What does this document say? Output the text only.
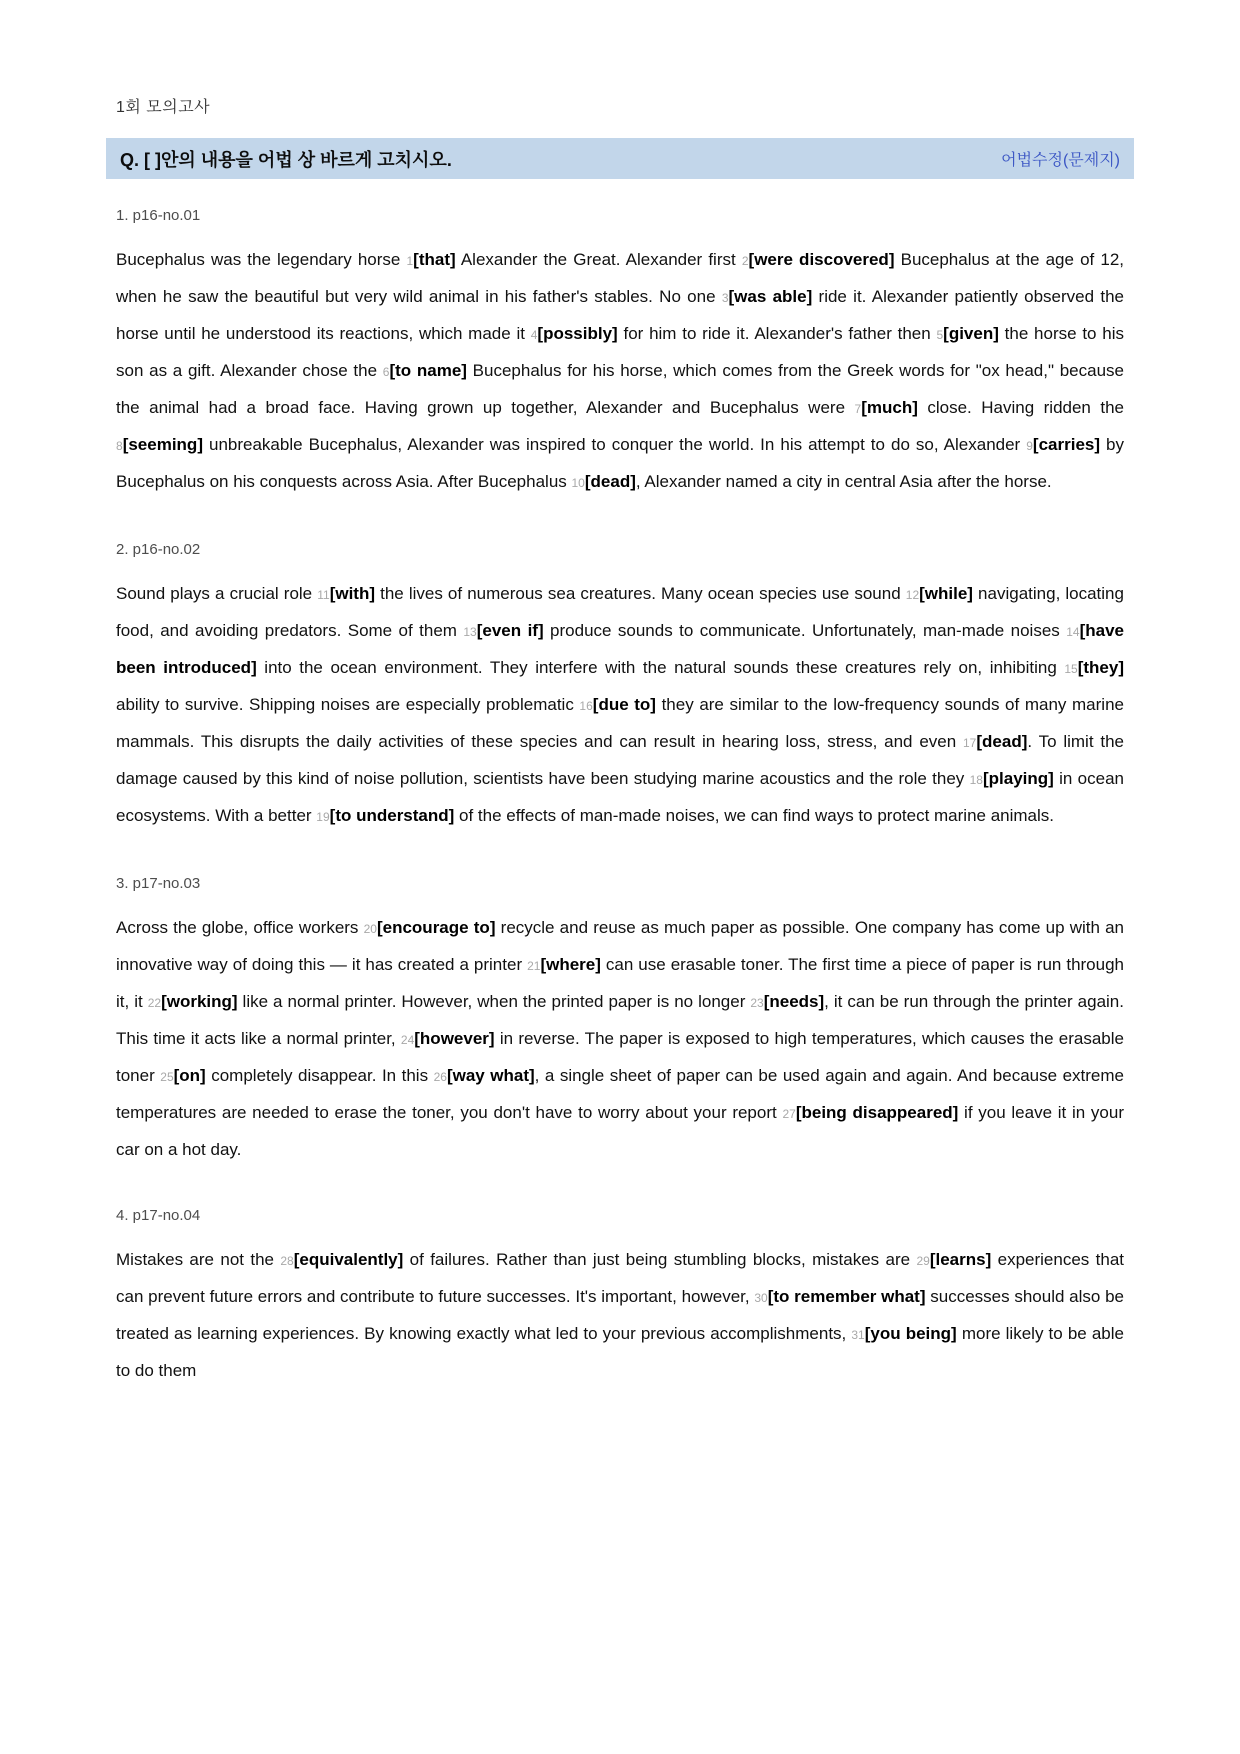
1회 모의고사
Q. [ ]안의 내용을 어법 상 바르게 고치시오.	어법수정(문제지)
1. p16-no.01

Bucephalus was the legendary horse 1[that] Alexander the Great. Alexander first 2[were discovered] Bucephalus at the age of 12, when he saw the beautiful but very wild animal in his father's stables. No one 3[was able] ride it. Alexander patiently observed the horse until he understood its reactions, which made it 4[possibly] for him to ride it. Alexander's father then 5[given] the horse to his son as a gift. Alexander chose the 6[to name] Bucephalus for his horse, which comes from the Greek words for "ox head," because the animal had a broad face. Having grown up together, Alexander and Bucephalus were 7[much] close. Having ridden the 8[seeming] unbreakable Bucephalus, Alexander was inspired to conquer the world. In his attempt to do so, Alexander 9[carries] by Bucephalus on his conquests across Asia. After Bucephalus 10[dead], Alexander named a city in central Asia after the horse.

2. p16-no.02

Sound plays a crucial role 11[with] the lives of numerous sea creatures. Many ocean species use sound 12[while] navigating, locating food, and avoiding predators. Some of them 13[even if] produce sounds to communicate. Unfortunately, man-made noises 14[have been introduced] into the ocean environment. They interfere with the natural sounds these creatures rely on, inhibiting 15[they] ability to survive. Shipping noises are especially problematic 16[due to] they are similar to the low-frequency sounds of many marine mammals. This disrupts the daily activities of these species and can result in hearing loss, stress, and even 17[dead]. To limit the damage caused by this kind of noise pollution, scientists have been studying marine acoustics and the role they 18[playing] in ocean ecosystems. With a better 19[to understand] of the effects of man-made noises, we can find ways to protect marine animals.

3. p17-no.03

Across the globe, office workers 20[encourage to] recycle and reuse as much paper as possible. One company has come up with an innovative way of doing this — it has created a printer 21[where] can use erasable toner. The first time a piece of paper is run through it, it 22[working] like a normal printer. However, when the printed paper is no longer 23[needs], it can be run through the printer again. This time it acts like a normal printer, 24[however] in reverse. The paper is exposed to high temperatures, which causes the erasable toner 25[on] completely disappear. In this 26[way what], a single sheet of paper can be used again and again. And because extreme temperatures are needed to erase the toner, you don't have to worry about your report 27[being disappeared] if you leave it in your car on a hot day.

4. p17-no.04

Mistakes are not the 28[equivalently] of failures. Rather than just being stumbling blocks, mistakes are 29[learns] experiences that can prevent future errors and contribute to future successes. It's important, however, 30[to remember what] successes should also be treated as learning experiences. By knowing exactly what led to your previous accomplishments, 31[you being] more likely to be able to do them
